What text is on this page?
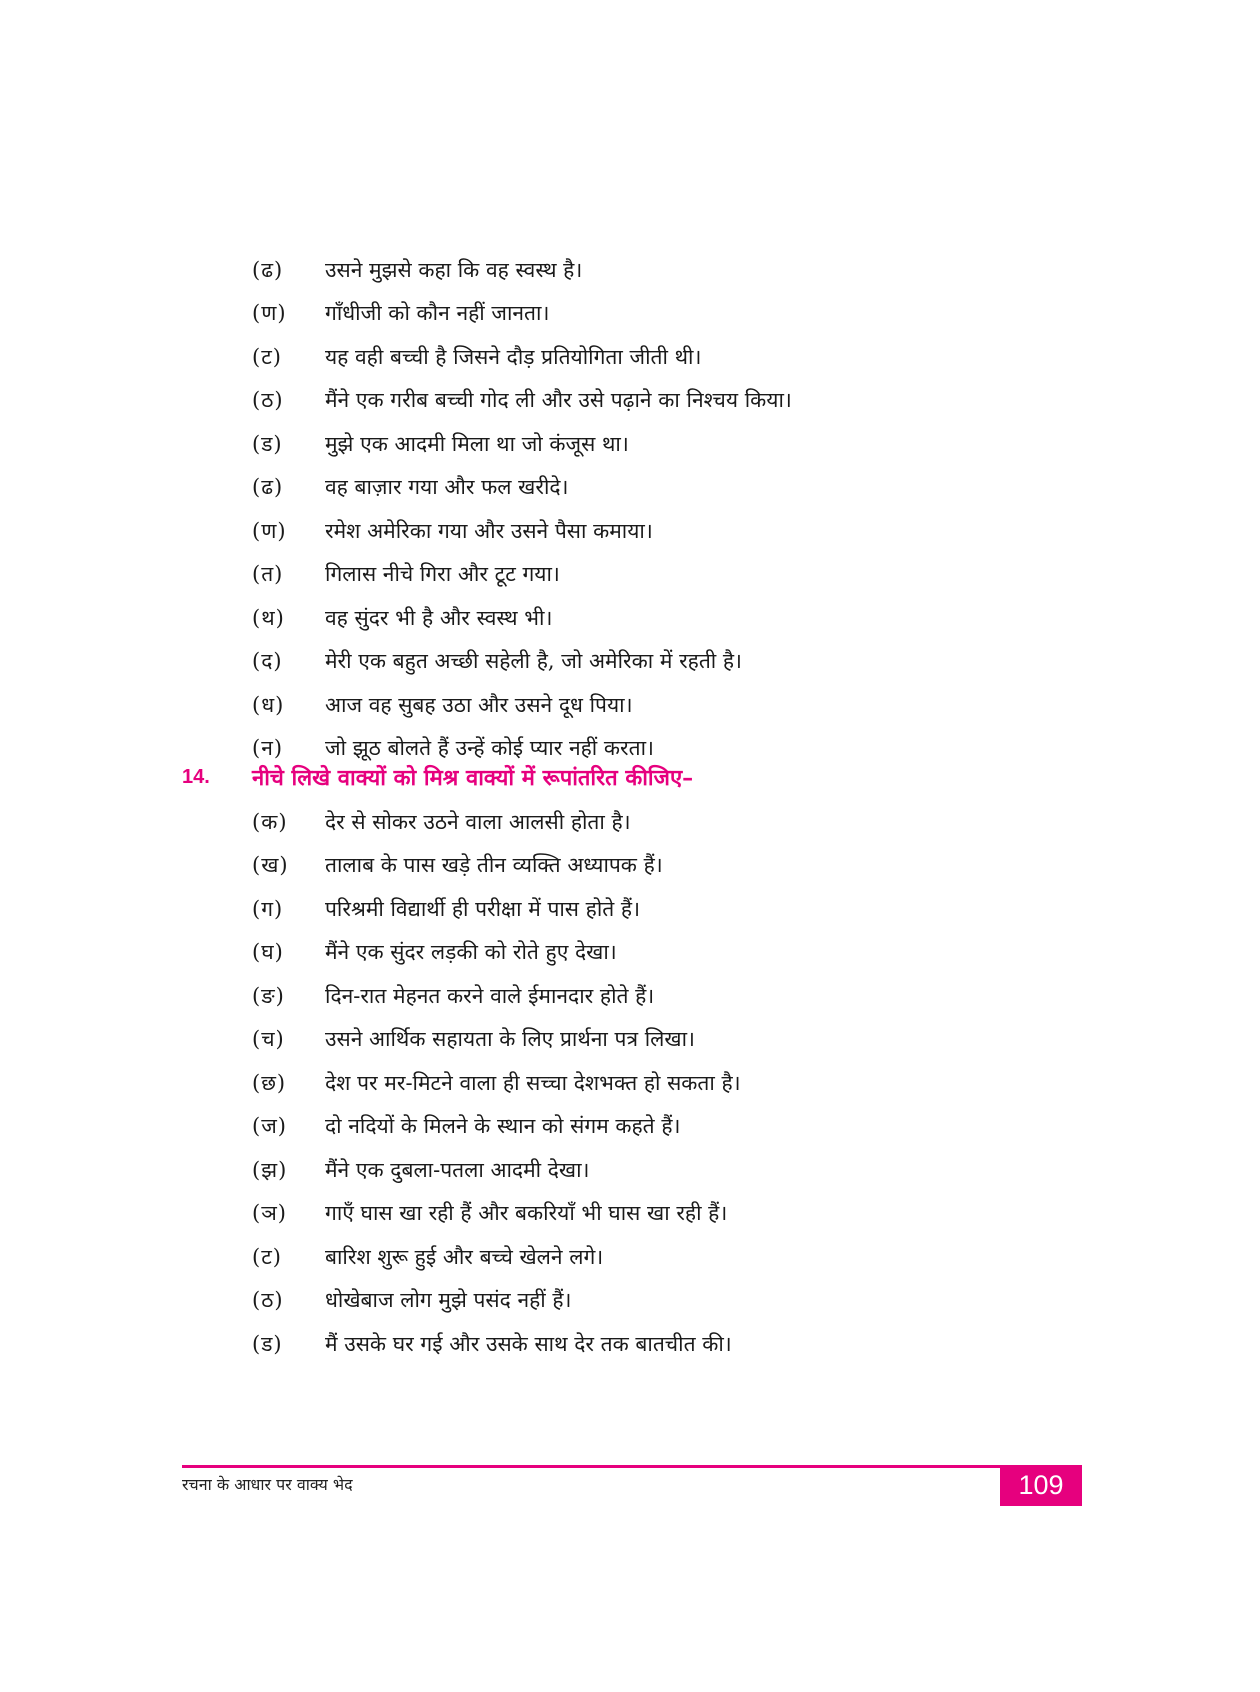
(ढ)	उसने मुझसे कहा कि वह स्वस्थ है।
(ण)	गाँधीजी को कौन नहीं जानता।
(ट)	यह वही बच्ची है जिसने दौड़ प्रतियोगिता जीती थी।
(ठ)	मैंने एक गरीब बच्ची गोद ली और उसे पढ़ाने का निश्चय किया।
(ड)	मुझे एक आदमी मिला था जो कंजूस था।
(ढ)	वह बाज़ार गया और फल खरीदे।
(ण)	रमेश अमेरिका गया और उसने पैसा कमाया।
(त)	गिलास नीचे गिरा और टूट गया।
(थ)	वह सुंदर भी है और स्वस्थ भी।
(द)	मेरी एक बहुत अच्छी सहेली है, जो अमेरिका में रहती है।
(ध)	आज वह सुबह उठा और उसने दूध पिया।
(न)	जो झूठ बोलते हैं उन्हें कोई प्यार नहीं करता।
14.	नीचे लिखे वाक्यों को मिश्र वाक्यों में रूपांतरित कीजिए–
(क)	देर से सोकर उठने वाला आलसी होता है।
(ख)	तालाब के पास खड़े तीन व्यक्ति अध्यापक हैं।
(ग)	परिश्रमी विद्यार्थी ही परीक्षा में पास होते हैं।
(घ)	मैंने एक सुंदर लड़की को रोते हुए देखा।
(ङ)	दिन-रात मेहनत करने वाले ईमानदार होते हैं।
(च)	उसने आर्थिक सहायता के लिए प्रार्थना पत्र लिखा।
(छ)	देश पर मर-मिटने वाला ही सच्चा देशभक्त हो सकता है।
(ज)	दो नदियों के मिलने के स्थान को संगम कहते हैं।
(झ)	मैंने एक दुबला-पतला आदमी देखा।
(ञ)	गाएँ घास खा रही हैं और बकरियाँ भी घास खा रही हैं।
(ट)	बारिश शुरू हुई और बच्चे खेलने लगे।
(ठ)	धोखेबाज लोग मुझे पसंद नहीं हैं।
(ड)	मैं उसके घर गई और उसके साथ देर तक बातचीत की।
रचना के आधार पर वाक्य भेद	109
